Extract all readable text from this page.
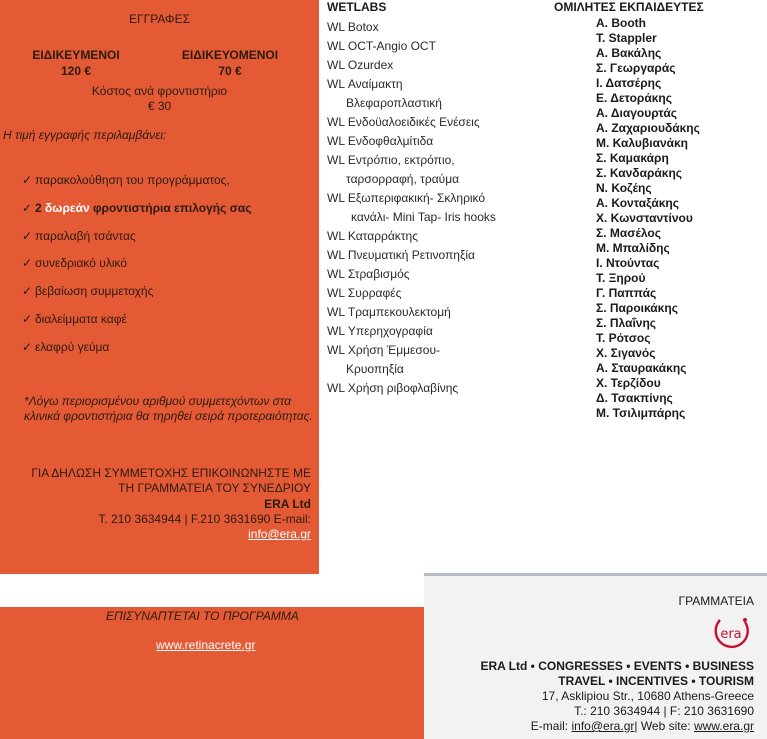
ΕΓΓΡΑΦΕΣ
ΕΙΔΙΚΕΥΜΕΝΟΙ
120 €
ΕΙΔΙΚΕΥΟΜΕΝΟΙ
70 €
Κόστος ανά φροντιστήριο
€ 30
Η τιμή εγγραφής περιλαμβάνει:
✓ παρακολούθηση του προγράμματος,
✓ 2 δωρεάν φροντιστήρια επιλογής σας
✓ παραλαβή τσάντας
✓ συνεδριακό υλικό
✓ βεβαίωση συμμετοχής
✓ διαλείμματα καφέ
✓ ελαφρύ γεύμα
*Λόγω περιορισμένου αριθμού συμμετεχόντων στα κλινικά φροντιστήρια θα τηρηθεί σειρά προτεραιότητας.
ΓΙΑ ΔΗΛΩΣΗ ΣΥΜΜΕΤΟΧΗΣ ΕΠΙΚΟΙΝΩΝΗΣΤΕ ΜΕ
ΤΗ ΓΡΑΜΜΑΤΕΙΑ ΤΟΥ ΣΥΝΕΔΡΙΟΥ
ERA Ltd
T. 210 3634944 | F.210 3631690 E-mail:
info@era.gr
ΕΠΙΣΥΝΑΠΤΕΤΑΙ ΤΟ ΠΡΟΓΡΑΜΜΑ
www.retinacrete.gr
WETLABS
WL Botox
WL OCT-Angio OCT
WL Ozurdex
WL Αναίμακτη
Βλεφαροπλαστική
WL Ενδοϋαλοειδικές Ενέσεις
WL Ενδοφθαλμίτιδα
WL Εντρόπιο, εκτρόπιο,
ταρσορραφή, τραύμα
WL Εξωπεριφακική- Σκληρικό
κανάλι- Mini Tap- Iris hooks
WL Καταρράκτης
WL Πνευματική Ρετινοπηξία
WL Στραβισμός
WL Συρραφές
WL Τραμπεκουλεκτομή
WL Υπερηχογραφία
WL Χρήση Έμμεσου-
Κρυοπηξία
WL Χρήση ριβοφλαβίνης
ΟΜΙΛΗΤΕΣ ΕΚΠΑΙΔΕΥΤΕΣ
A. Booth
T. Stappler
Α. Βακάλης
Σ. Γεωργαράς
Ι. Δατσέρης
Ε. Δετοράκης
Α. Διαγουρτάς
Α. Ζαχαριουδάκης
Μ. Καλυβιανάκη
Σ. Καμακάρη
Σ. Κανδαράκης
Ν. Κοζέης
Α. Κονταξάκης
Χ. Κωνσταντίνου
Σ. Μασέλος
Μ. Μπαλίδης
Ι. Ντούντας
Τ. Ξηρού
Γ. Παππάς
Σ. Παροικάκης
Σ. Πλαΐνης
Τ. Ρότσος
Χ. Σιγανός
Α. Σταυρακάκης
Χ. Τερζίδου
Δ. Τσακπίνης
Μ. Τσιλιμπάρης
ΓΡΑΜΜΑΤΕΙΑ
era
ERA Ltd • CONGRESSES • EVENTS • BUSINESS
TRAVEL • INCENTIVES • TOURISM
17, Asklipiou Str., 10680 Athens-Greece
T.: 210 3634944 | F: 210 3631690
E-mail: info@era.gr| Web site: www.era.gr
